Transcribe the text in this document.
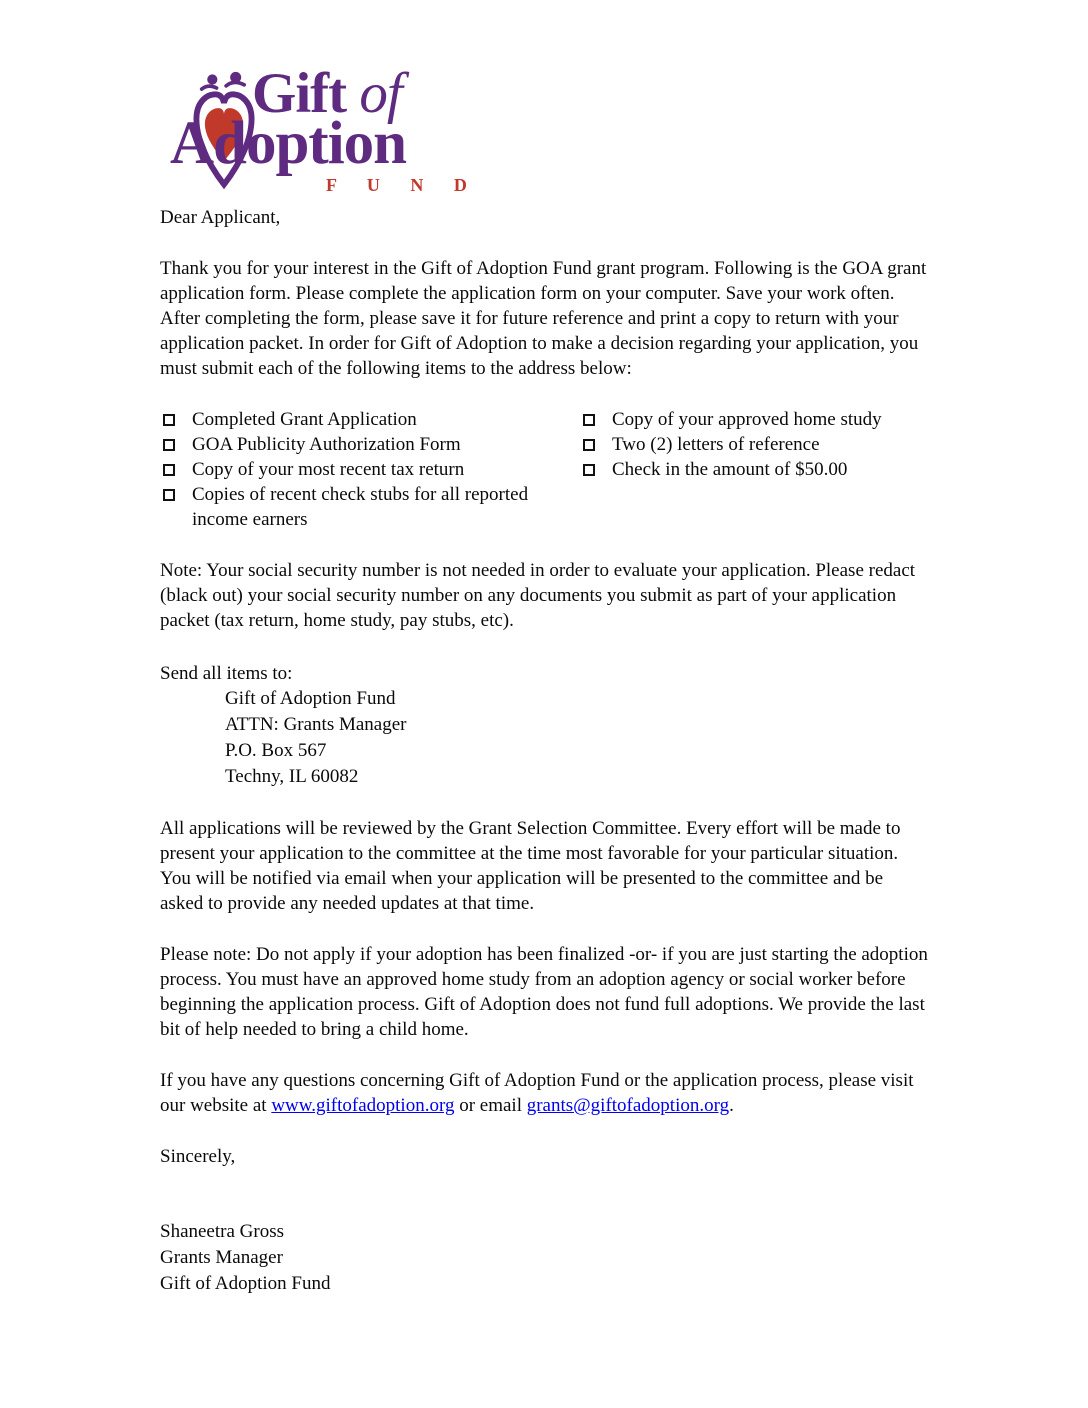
Gift of
Adoption
F U N D

Dear Applicant,

Thank you for your interest in the Gift of Adoption Fund grant program. Following is the GOA grant application form. Please complete the application form on your computer. Save your work often. After completing the form, please save it for future reference and print a copy to return with your application packet. In order for Gift of Adoption to make a decision regarding your application, you must submit each of the following items to the address below:

Completed Grant Application
GOA Publicity Authorization Form
Copy of your most recent tax return
Copies of recent check stubs for all reported income earners
Copy of your approved home study
Two (2) letters of reference
Check in the amount of $50.00

Note: Your social security number is not needed in order to evaluate your application. Please redact (black out) your social security number on any documents you submit as part of your application packet (tax return, home study, pay stubs, etc).

Send all items to:

Gift of Adoption Fund
ATTN: Grants Manager
P.O. Box 567
Techny, IL 60082

All applications will be reviewed by the Grant Selection Committee. Every effort will be made to present your application to the committee at the time most favorable for your particular situation. You will be notified via email when your application will be presented to the committee and be asked to provide any needed updates at that time.

Please note: Do not apply if your adoption has been finalized -or- if you are just starting the adoption process. You must have an approved home study from an adoption agency or social worker before beginning the application process. Gift of Adoption does not fund full adoptions. We provide the last bit of help needed to bring a child home.

If you have any questions concerning Gift of Adoption Fund or the application process, please visit our website at www.giftofadoption.org or email grants@giftofadoption.org.

Sincerely,

Shaneetra Gross
Grants Manager
Gift of Adoption Fund
